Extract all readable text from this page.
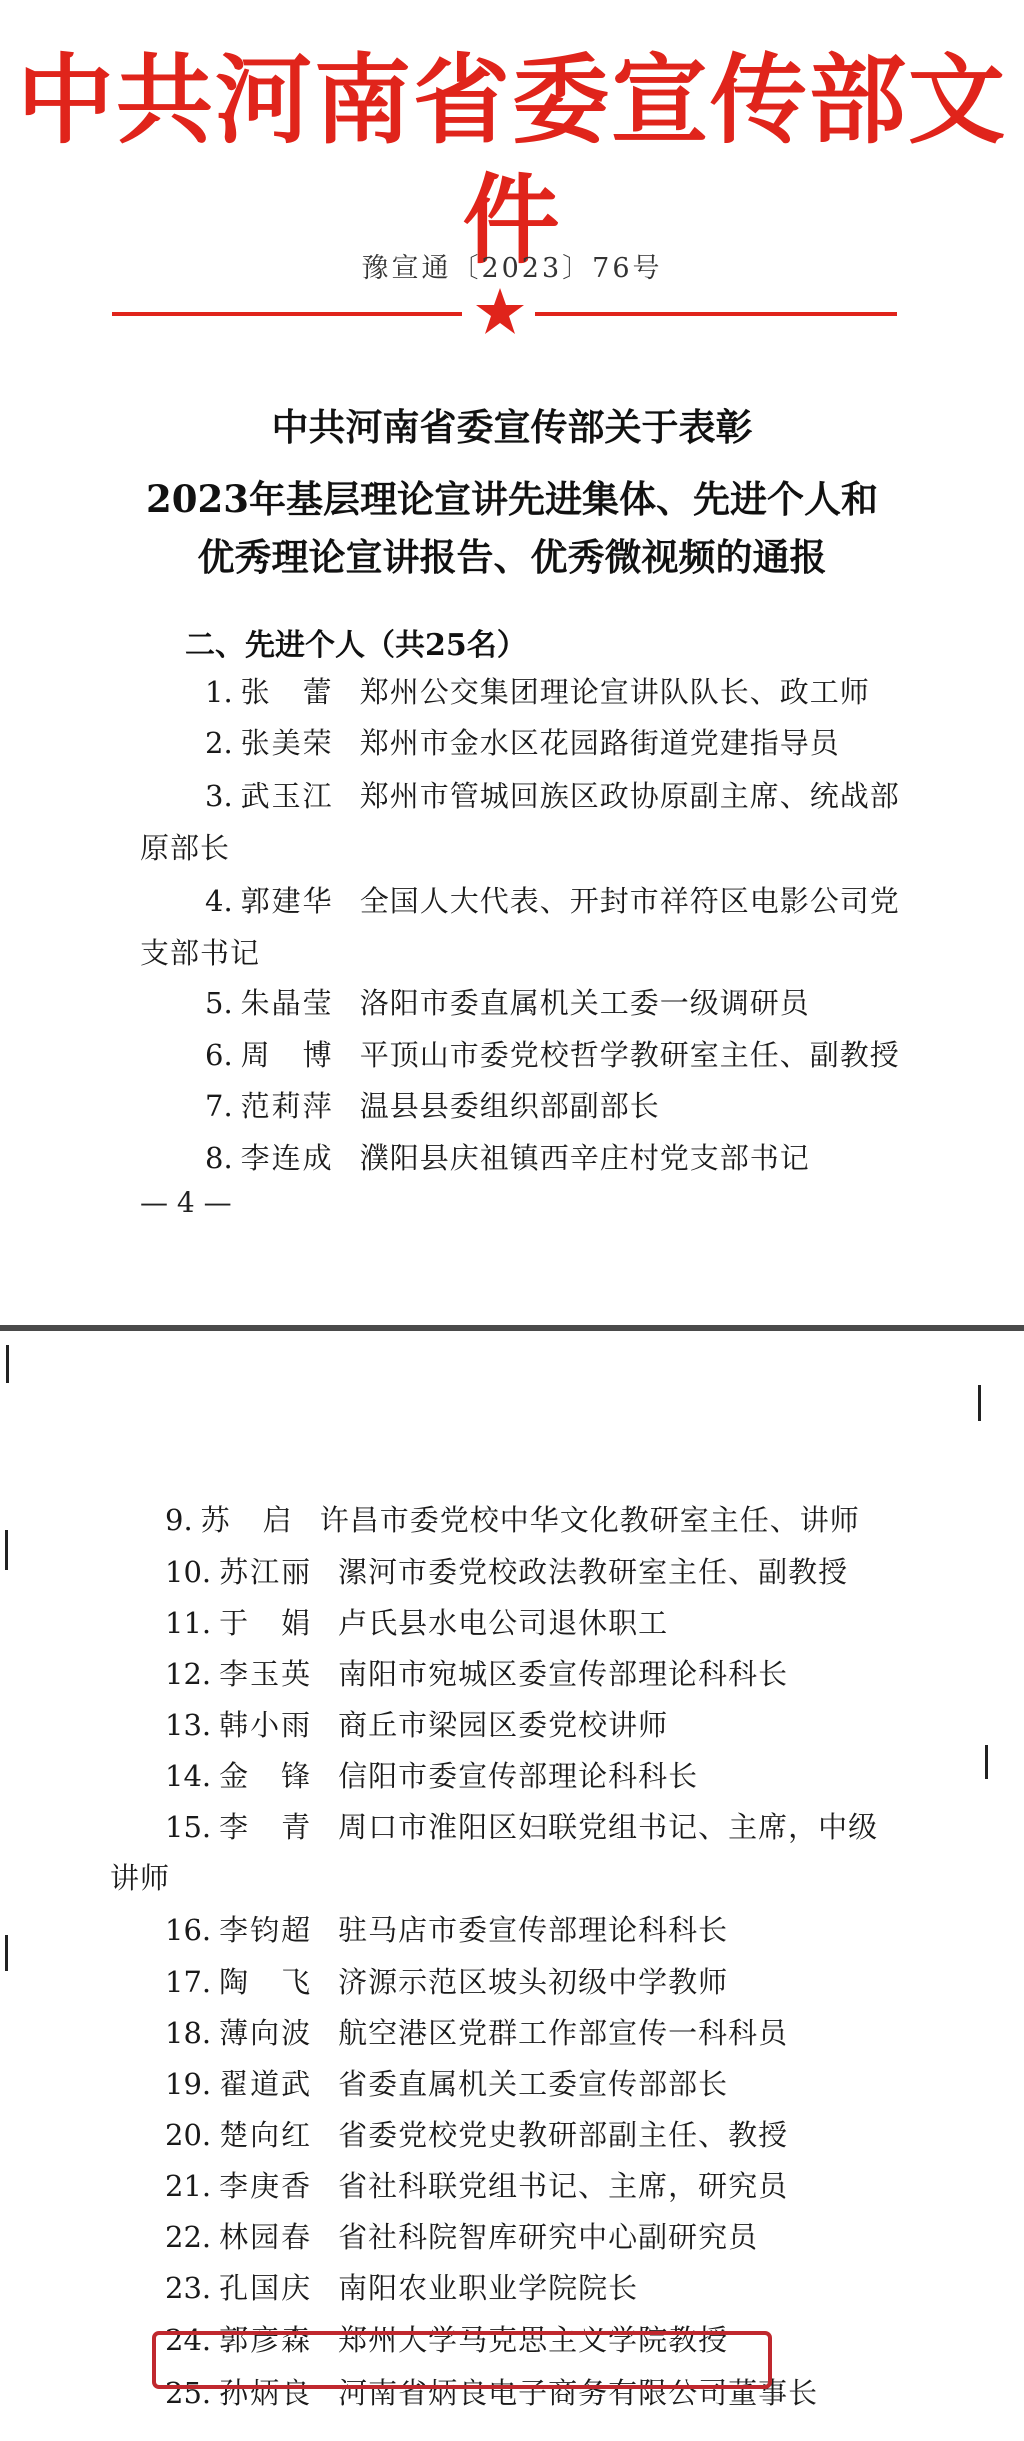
中共河南省委宣传部文件
豫宣通〔2023〕76号
中共河南省委宣传部关于表彰
2023年基层理论宣讲先进集体、先进个人和
优秀理论宣讲报告、优秀微视频的通报
二、先进个人（共25名）
1. 张　蕾 郑州公交集团理论宣讲队队长、政工师
2. 张美荣 郑州市金水区花园路街道党建指导员
3. 武玉江 郑州市管城回族区政协原副主席、统战部
原部长
4. 郭建华 全国人大代表、开封市祥符区电影公司党
支部书记
5. 朱晶莹 洛阳市委直属机关工委一级调研员
6. 周　博 平顶山市委党校哲学教研室主任、副教授
7. 范莉萍 温县县委组织部副部长
8. 李连成 濮阳县庆祖镇西辛庄村党支部书记
— 4 —
9. 苏　启 许昌市委党校中华文化教研室主任、讲师
10. 苏江丽 漯河市委党校政法教研室主任、副教授
11. 于　娟 卢氏县水电公司退休职工
12. 李玉英 南阳市宛城区委宣传部理论科科长
13. 韩小雨 商丘市梁园区委党校讲师
14. 金　锋 信阳市委宣传部理论科科长
15. 李　青 周口市淮阳区妇联党组书记、主席，中级
讲师
16. 李钧超 驻马店市委宣传部理论科科长
17. 陶　飞 济源示范区坡头初级中学教师
18. 薄向波 航空港区党群工作部宣传一科科员
19. 翟道武 省委直属机关工委宣传部部长
20. 楚向红 省委党校党史教研部副主任、教授
21. 李庚香 省社科联党组书记、主席，研究员
22. 林园春 省社科院智库研究中心副研究员
23. 孔国庆 南阳农业职业学院院长
24. 郭彦森 郑州大学马克思主义学院教授
25. 孙炳良 河南省炳良电子商务有限公司董事长
